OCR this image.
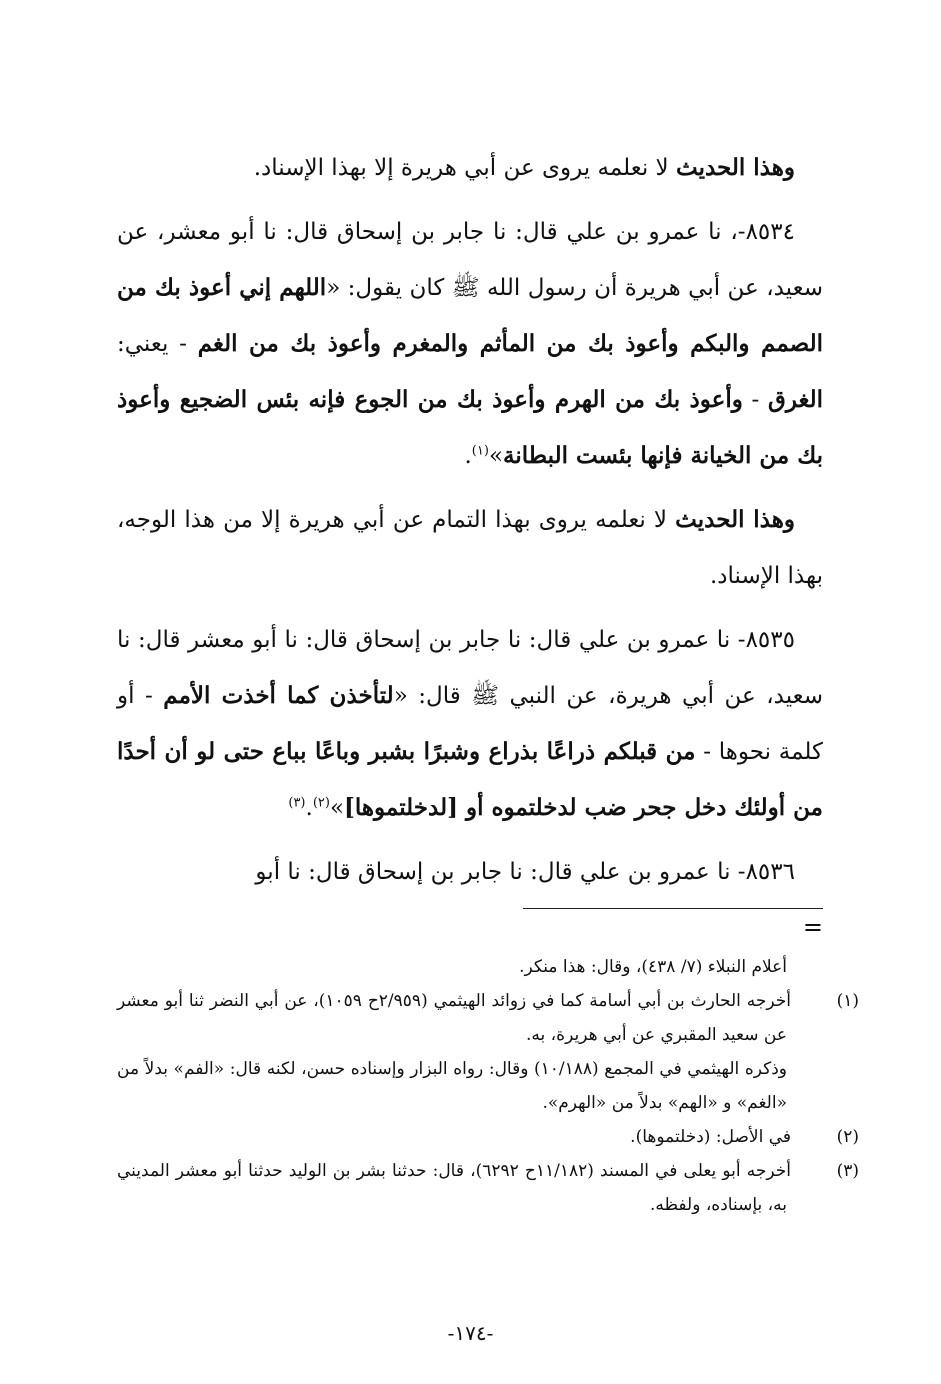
وهذا الحديث لا نعلمه يروى عن أبي هريرة إلا بهذا الإسناد.

٨٥٣٤-، نا عمرو بن علي قال: نا جابر بن إسحاق قال: نا أبو معشر، عن سعيد، عن أبي هريرة أن رسول الله ﷺ كان يقول: «اللهم إني أعوذ بك من الصمم والبكم وأعوذ بك من المأثم والمغرم وأعوذ بك من الغم - يعني: الغرق - وأعوذ بك من الهرم وأعوذ بك من الجوع فإنه بئس الضجيع وأعوذ بك من الخيانة فإنها بئست البطانة»$^{(١)}$.

وهذا الحديث لا نعلمه يروى بهذا التمام عن أبي هريرة إلا من هذا الوجه، بهذا الإسناد.

٨٥٣٥- نا عمرو بن علي قال: نا جابر بن إسحاق قال: نا أبو معشر قال: نا سعيد، عن أبي هريرة، عن النبي ﷺ قال: «لتأخذن كما أخذت الأمم - أو كلمة نحوها - من قبلكم ذراعًا بذراع وشبرًا بشبر وباعًا بباع حتى لو أن أحدًا من أولئك دخل جحر ضب لدخلتموه أو [لدخلتموها]»$^{(٢)}$.$^{(٣)}$

٨٥٣٦- نا عمرو بن علي قال: نا جابر بن إسحاق قال: نا أبو

=

أعلام النبلاء (٧/ ٤٣٨)، وقال: هذا منكر.

(١)أخرجه الحارث بن أبي أسامة كما في زوائد الهيثمي (٢/٩٥٩ح ١٠٥٩)، عن أبي النضر ثنا أبو معشر عن سعيد المقبري عن أبي هريرة، به.

وذكره الهيثمي في المجمع (١٠/١٨٨) وقال: رواه البزار وإسناده حسن، لكنه قال: «الفم» بدلاً من «الغم» و «الهم» بدلاً من «الهرم».

(٢)في الأصل: (دخلتموها).

(٣)أخرجه أبو يعلى في المسند (١١/١٨٢ح ٦٢٩٢)، قال: حدثنا بشر بن الوليد حدثنا أبو معشر المديني به، بإسناده، ولفظه.

-١٧٤-
